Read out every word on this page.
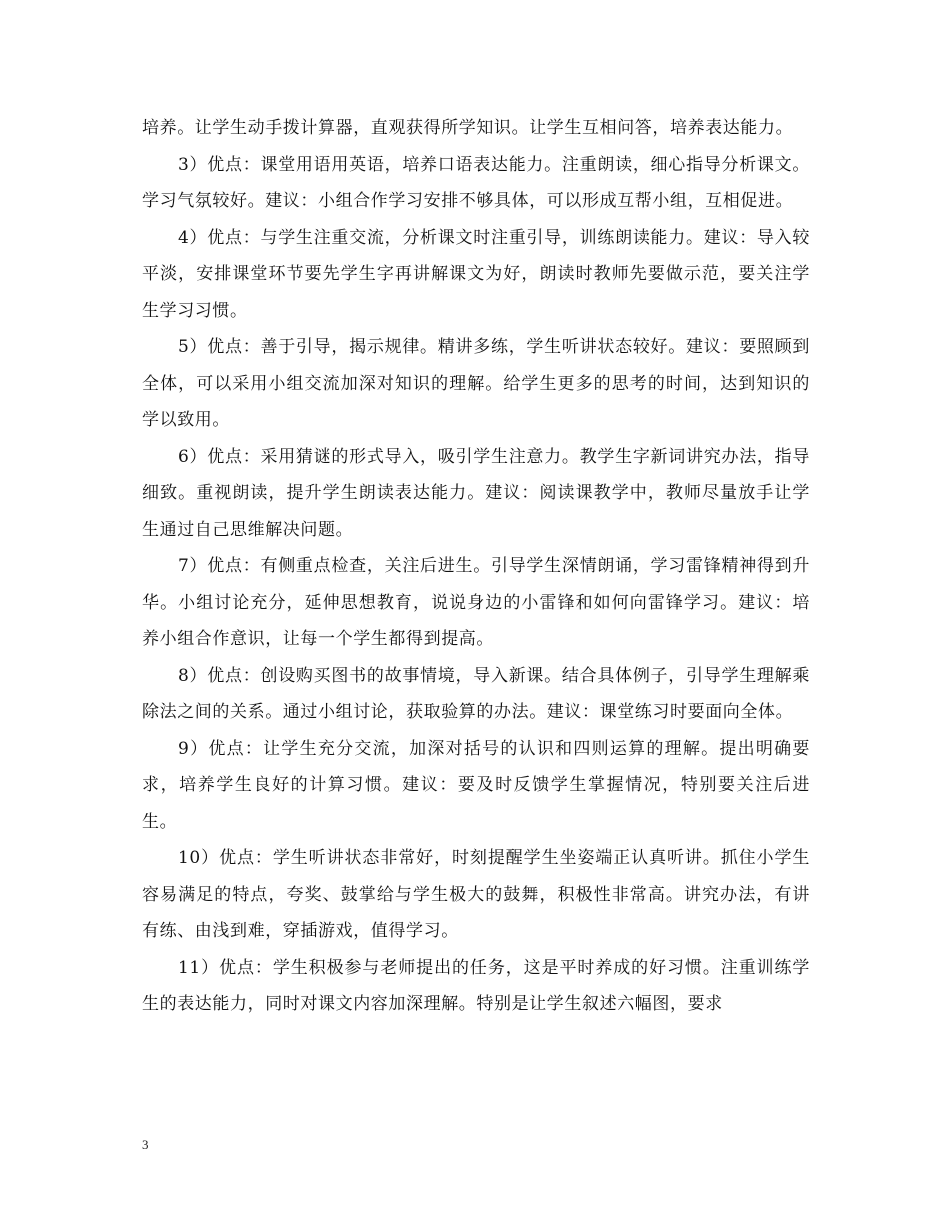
培养。让学生动手拨计算器，直观获得所学知识。让学生互相问答，培养表达能力。

3）优点：课堂用语用英语，培养口语表达能力。注重朗读，细心指导分析课文。学习气氛较好。建议：小组合作学习安排不够具体，可以形成互帮小组，互相促进。

4）优点：与学生注重交流，分析课文时注重引导，训练朗读能力。建议：导入较平淡，安排课堂环节要先学生字再讲解课文为好，朗读时教师先要做示范，要关注学生学习习惯。

5）优点：善于引导，揭示规律。精讲多练，学生听讲状态较好。建议：要照顾到全体，可以采用小组交流加深对知识的理解。给学生更多的思考的时间，达到知识的学以致用。

6）优点：采用猜谜的形式导入，吸引学生注意力。教学生字新词讲究办法，指导细致。重视朗读，提升学生朗读表达能力。建议：阅读课教学中，教师尽量放手让学生通过自己思维解决问题。

7）优点：有侧重点检查，关注后进生。引导学生深情朗诵，学习雷锋精神得到升华。小组讨论充分，延伸思想教育，说说身边的小雷锋和如何向雷锋学习。建议：培养小组合作意识，让每一个学生都得到提高。

8）优点：创设购买图书的故事情境，导入新课。结合具体例子，引导学生理解乘除法之间的关系。通过小组讨论，获取验算的办法。建议：课堂练习时要面向全体。

9）优点：让学生充分交流，加深对括号的认识和四则运算的理解。提出明确要求，培养学生良好的计算习惯。建议：要及时反馈学生掌握情况，特别要关注后进生。

10）优点：学生听讲状态非常好，时刻提醒学生坐姿端正认真听讲。抓住小学生容易满足的特点，夸奖、鼓掌给与学生极大的鼓舞，积极性非常高。讲究办法，有讲有练、由浅到难，穿插游戏，值得学习。

11）优点：学生积极参与老师提出的任务，这是平时养成的好习惯。注重训练学生的表达能力，同时对课文内容加深理解。特别是让学生叙述六幅图，要求

3
